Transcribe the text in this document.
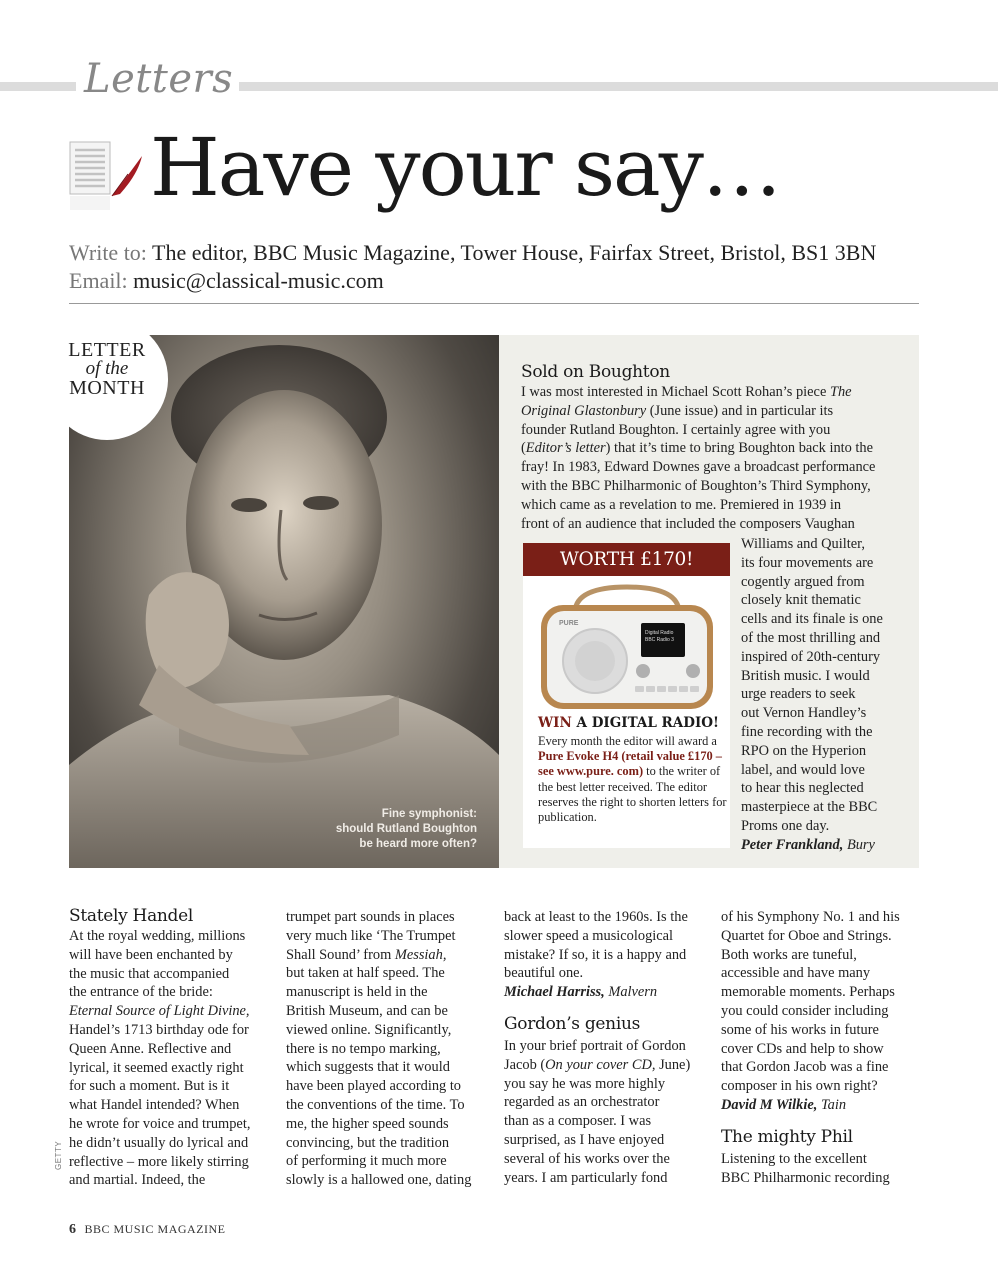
Letters
Have your say…
Write to: The editor, BBC Music Magazine, Tower House, Fairfax Street, Bristol, BS1 3BN
Email: music@classical-music.com
Fine symphonist:
should Rutland Boughton
be heard more often?
LETTER
of the
MONTH
Sold on Boughton
I was most interested in Michael Scott Rohan’s piece The
Original Glastonbury (June issue) and in particular its
founder Rutland Boughton. I certainly agree with you
(Editor’s letter) that it’s time to bring Boughton back into the
fray! In 1983, Edward Downes gave a broadcast performance
with the BBC Philharmonic of Boughton’s Third Symphony,
which came as a revelation to me. Premiered in 1939 in
front of an audience that included the composers Vaughan
Williams and Quilter,
its four movements are
cogently argued from
closely knit thematic
cells and its finale is one
of the most thrilling and
inspired of 20th-century
British music. I would
urge readers to seek
out Vernon Handley’s
fine recording with the
RPO on the Hyperion
label, and would love
to hear this neglected
masterpiece at the BBC
Proms one day.
Peter Frankland, Bury
WORTH £170!
PURE
Digital Radio
BBC Radio 3
WIN A DIGITAL RADIO!
Every month the editor will award a Pure Evoke H4 (retail value £170 – see www.pure. com) to the writer of the best letter received. The editor reserves the right to shorten letters for publication.
Stately Handel
At the royal wedding, millions
will have been enchanted by
the music that accompanied
the entrance of the bride:
Eternal Source of Light Divine,
Handel’s 1713 birthday ode for
Queen Anne. Reflective and
lyrical, it seemed exactly right
for such a moment. But is it
what Handel intended? When
he wrote for voice and trumpet,
he didn’t usually do lyrical and
reflective – more likely stirring
and martial. Indeed, the
trumpet part sounds in places
very much like ‘The Trumpet
Shall Sound’ from Messiah,
but taken at half speed. The
manuscript is held in the
British Museum, and can be
viewed online. Significantly,
there is no tempo marking,
which suggests that it would
have been played according to
the conventions of the time. To
me, the higher speed sounds
convincing, but the tradition
of performing it much more
slowly is a hallowed one, dating
back at least to the 1960s. Is the
slower speed a musicological
mistake? If so, it is a happy and
beautiful one.
Michael Harriss, Malvern
Gordon’s genius
In your brief portrait of Gordon
Jacob (On your cover CD, June)
you say he was more highly
regarded as an orchestrator
than as a composer. I was
surprised, as I have enjoyed
several of his works over the
years. I am particularly fond
of his Symphony No. 1 and his
Quartet for Oboe and Strings.
Both works are tuneful,
accessible and have many
memorable moments. Perhaps
you could consider including
some of his works in future
cover CDs and help to show
that Gordon Jacob was a fine
composer in his own right?
David M Wilkie, Tain
The mighty Phil
Listening to the excellent
BBC Philharmonic recording
GETTY
6 BBC MUSIC MAGAZINE
